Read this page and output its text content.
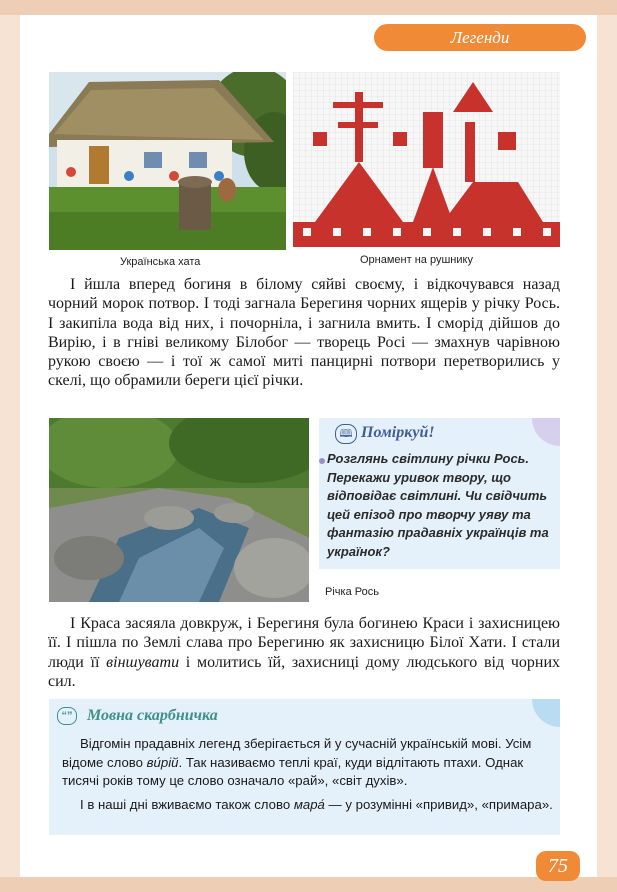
Легенди
Українська хата	Орнамент на рушнику

І йшла вперед богиня в білому сяйві своєму, і відкочувався назад чорний морок потвор. І тоді загнала Берегиня чорних ящерів у річку Рось. І закипіла вода від них, і почорніла, і загнила вмить. І сморід дійшов до Вирію, і в гніві великому Білобог — творець Росі — змахнув чарівною рукою своєю — і тої ж самої миті панцирні потвори перетворились у скелі, що обрамили береги цієї річки.

🕮 Поміркуй!
Розглянь світлину річки Рось. Перекажи уривок твору, що відповідає світлині. Чи свідчить цей епізод про творчу уяву та фантазію прадавніх українців та українок?
Річка Рось

І Краса засяяла довкруж, і Берегиня була богинею Краси і захисницею її. І пішла по Землі слава про Берегиню як захисницю Білої Хати. І стали люди її віншувати і молитись їй, захисниці дому людського від чорних сил.

“” Мовна скарбничка

Відгомін прадавніх легенд зберігається й у сучасній українській мові. Усім відоме слово ви́рій. Так називаємо теплі краї, куди відлітають птахи. Однак тисячі років тому це слово означало «рай», «світ духів».

І в наші дні вживаємо також слово мара́ — у розумінні «привид», «примара».

75
